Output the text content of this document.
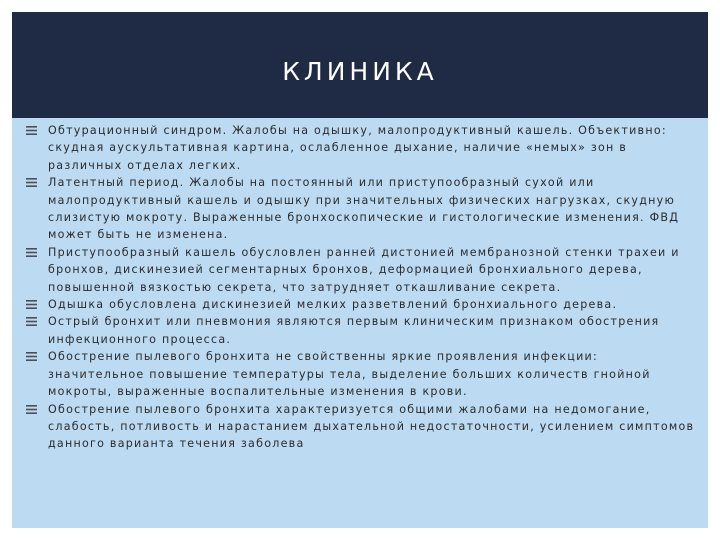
КЛИНИКА
Обтурационный синдром. Жалобы на одышку, малопродуктивный кашель. Объективно: скудная аускультативная картина, ослабленное дыхание, наличие «немых» зон в различных отделах легких.
Латентный период. Жалобы на постоянный или приступообразный сухой или малопродуктивный кашель и одышку при значительных физических нагрузках, скудную слизистую мокроту. Выраженные бронхоскопические и гистологические изменения. ФВД может быть не изменена.
Приступообразный кашель обусловлен ранней дистонией мембранозной стенки трахеи и бронхов, дискинезией сегментарных бронхов, деформацией бронхиального дерева, повышенной вязкостью секрета, что затрудняет откашливание секрета.
Одышка обусловлена дискинезией мелких разветвлений бронхиального дерева.
Острый бронхит или пневмония являются первым клиническим признаком обострения инфекционного процесса.
Обострение пылевого бронхита не свойственны яркие проявления инфекции: значительное повышение температуры тела, выделение больших количеств гнойной мокроты, выраженные воспалительные изменения в крови.
Обострение пылевого бронхита характеризуется общими жалобами на недомогание, слабость, потливость и нарастанием дыхательной недостаточности, усилением симптомов данного варианта течения заболева
